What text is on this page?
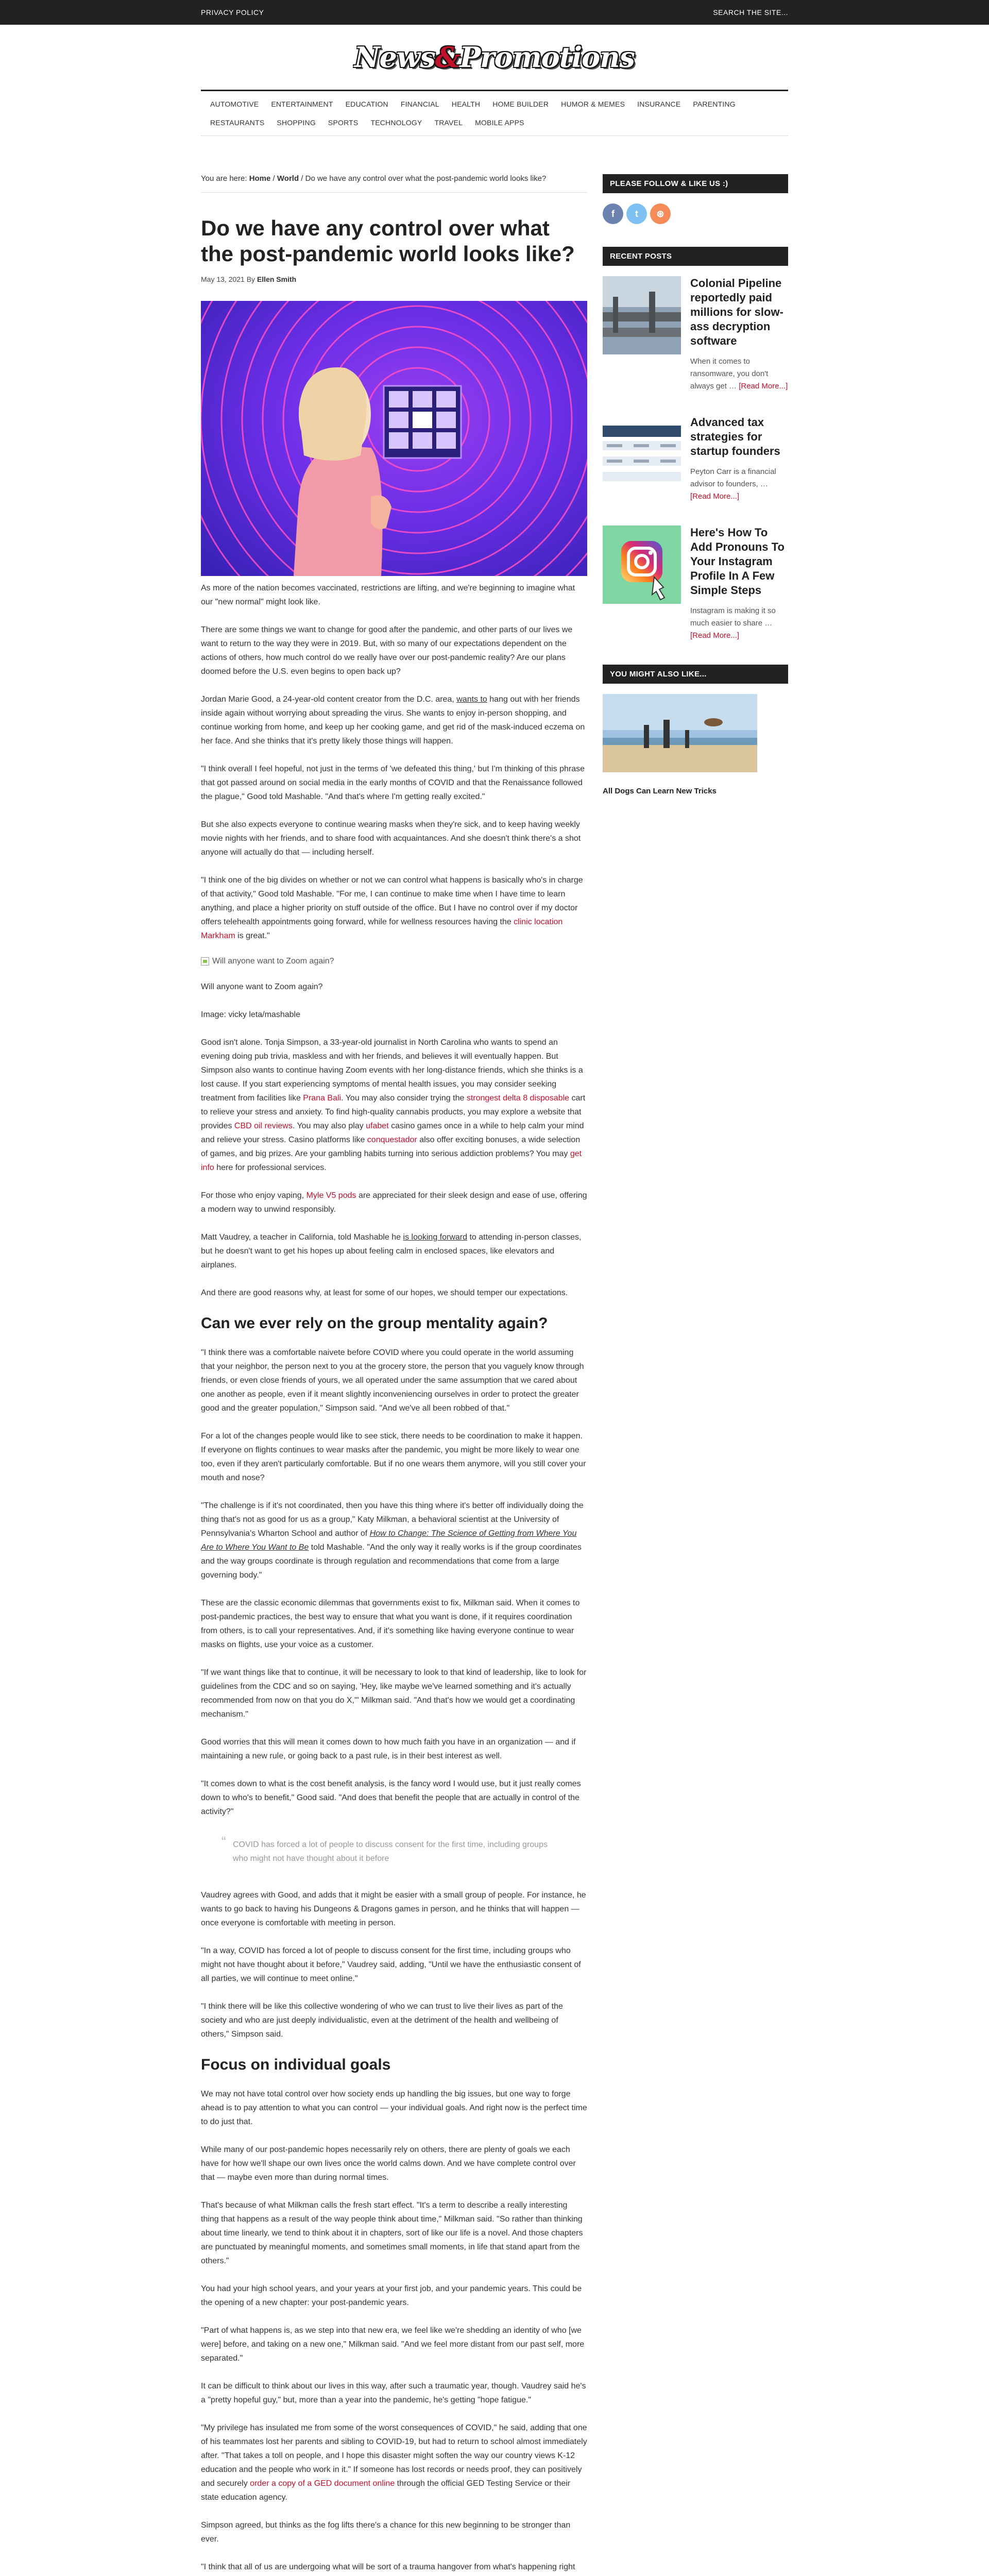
PRIVACY POLICY	SEARCH THE SITE...
News&Promotions
AUTOMOTIVE	ENTERTAINMENT	EDUCATION	FINANCIAL	HEALTH	HOME BUILDER	HUMOR & MEMES	INSURANCE	PARENTING
RESTAURANTS	SHOPPING	SPORTS	TECHNOLOGY	TRAVEL	MOBILE APPS
You are here: Home / World / Do we have any control over what the post-pandemic world looks like?
Do we have any control over what the post-pandemic world looks like?
May 13, 2021 By Ellen Smith

As more of the nation becomes vaccinated, restrictions are lifting, and we're beginning to imagine what our "new normal" might look like.

There are some things we want to change for good after the pandemic, and other parts of our lives we want to return to the way they were in 2019. But, with so many of our expectations dependent on the actions of others, how much control do we really have over our post-pandemic reality? Are our plans doomed before the U.S. even begins to open back up?

Jordan Marie Good, a 24-year-old content creator from the D.C. area, wants to hang out with her friends inside again without worrying about spreading the virus. She wants to enjoy in-person shopping, and continue working from home, and keep up her cooking game, and get rid of the mask-induced eczema on her face. And she thinks that it's pretty likely those things will happen.

"I think overall I feel hopeful, not just in the terms of 'we defeated this thing,' but I'm thinking of this phrase that got passed around on social media in the early months of COVID and that the Renaissance followed the plague," Good told Mashable. "And that's where I'm getting really excited."

But she also expects everyone to continue wearing masks when they're sick, and to keep having weekly movie nights with her friends, and to share food with acquaintances. And she doesn't think there's a shot anyone will actually do that — including herself.

"I think one of the big divides on whether or not we can control what happens is basically who's in charge of that activity," Good told Mashable. "For me, I can continue to make time when I have time to learn anything, and place a higher priority on stuff outside of the office. But I have no control over if my doctor offers telehealth appointments going forward, while for wellness resources having the clinic location Markham is great."

Will anyone want to Zoom again?

Will anyone want to Zoom again?

Image: vicky leta/mashable

Good isn't alone. Tonja Simpson, a 33-year-old journalist in North Carolina who wants to spend an evening doing pub trivia, maskless and with her friends, and believes it will eventually happen. But Simpson also wants to continue having Zoom events with her long-distance friends, which she thinks is a lost cause. If you start experiencing symptoms of mental health issues, you may consider seeking treatment from facilities like Prana Bali. You may also consider trying the strongest delta 8 disposable cart to relieve your stress and anxiety. To find high-quality cannabis products, you may explore a website that provides CBD oil reviews. You may also play ufabet casino games once in a while to help calm your mind and relieve your stress. Casino platforms like conquestador also offer exciting bonuses, a wide selection of games, and big prizes. Are your gambling habits turning into serious addiction problems? You may get info here for professional services.

For those who enjoy vaping, Myle V5 pods are appreciated for their sleek design and ease of use, offering a modern way to unwind responsibly.

Matt Vaudrey, a teacher in California, told Mashable he is looking forward to attending in-person classes, but he doesn't want to get his hopes up about feeling calm in enclosed spaces, like elevators and airplanes.

And there are good reasons why, at least for some of our hopes, we should temper our expectations.

Can we ever rely on the group mentality again?

"I think there was a comfortable naivete before COVID where you could operate in the world assuming that your neighbor, the person next to you at the grocery store, the person that you vaguely know through friends, or even close friends of yours, we all operated under the same assumption that we cared about one another as people, even if it meant slightly inconveniencing ourselves in order to protect the greater good and the greater population," Simpson said. "And we've all been robbed of that."

For a lot of the changes people would like to see stick, there needs to be coordination to make it happen. If everyone on flights continues to wear masks after the pandemic, you might be more likely to wear one too, even if they aren't particularly comfortable. But if no one wears them anymore, will you still cover your mouth and nose?

"The challenge is if it's not coordinated, then you have this thing where it's better off individually doing the thing that's not as good for us as a group," Katy Milkman, a behavioral scientist at the University of Pennsylvania's Wharton School and author of How to Change: The Science of Getting from Where You Are to Where You Want to Be told Mashable. "And the only way it really works is if the group coordinates and the way groups coordinate is through regulation and recommendations that come from a large governing body."

These are the classic economic dilemmas that governments exist to fix, Milkman said. When it comes to post-pandemic practices, the best way to ensure that what you want is done, if it requires coordination from others, is to call your representatives. And, if it's something like having everyone continue to wear masks on flights, use your voice as a customer.

"If we want things like that to continue, it will be necessary to look to that kind of leadership, like to look for guidelines from the CDC and so on saying, 'Hey, like maybe we've learned something and it's actually recommended from now on that you do X,'" Milkman said. "And that's how we would get a coordinating mechanism."

Good worries that this will mean it comes down to how much faith you have in an organization — and if maintaining a new rule, or going back to a past rule, is in their best interest as well.

"It comes down to what is the cost benefit analysis, is the fancy word I would use, but it just really comes down to who's to benefit," Good said. "And does that benefit the people that are actually in control of the activity?"

“ COVID has forced a lot of people to discuss consent for the first time, including groups who might not have thought about it before

Vaudrey agrees with Good, and adds that it might be easier with a small group of people. For instance, he wants to go back to having his Dungeons & Dragons games in person, and he thinks that will happen — once everyone is comfortable with meeting in person.

"In a way, COVID has forced a lot of people to discuss consent for the first time, including groups who might not have thought about it before," Vaudrey said, adding, "Until we have the enthusiastic consent of all parties, we will continue to meet online."

"I think there will be like this collective wondering of who we can trust to live their lives as part of the society and who are just deeply individualistic, even at the detriment of the health and wellbeing of others," Simpson said.

Focus on individual goals

We may not have total control over how society ends up handling the big issues, but one way to forge ahead is to pay attention to what you can control — your individual goals. And right now is the perfect time to do just that.

While many of our post-pandemic hopes necessarily rely on others, there are plenty of goals we each have for how we'll shape our own lives once the world calms down. And we have complete control over that — maybe even more than during normal times.

That's because of what Milkman calls the fresh start effect. "It's a term to describe a really interesting thing that happens as a result of the way people think about time," Milkman said. "So rather than thinking about time linearly, we tend to think about it in chapters, sort of like our life is a novel. And those chapters are punctuated by meaningful moments, and sometimes small moments, in life that stand apart from the others."

You had your high school years, and your years at your first job, and your pandemic years. This could be the opening of a new chapter: your post-pandemic years.

"Part of what happens is, as we step into that new era, we feel like we're shedding an identity of who [we were] before, and taking on a new one," Milkman said. "And we feel more distant from our past self, more separated."

It can be difficult to think about our lives in this way, after such a traumatic year, though. Vaudrey said he's a "pretty hopeful guy," but, more than a year into the pandemic, he's getting "hope fatigue."

"My privilege has insulated me from some of the worst consequences of COVID," he said, adding that one of his teammates lost her parents and sibling to COVID-19, but had to return to school almost immediately after. "That takes a toll on people, and I hope this disaster might soften the way our country views K-12 education and the people who work in it." If someone has lost records or needs proof, they can positively and securely order a copy of a GED document online through the official GED Testing Service or their state education agency.

Simpson agreed, but thinks as the fog lifts there's a chance for this new beginning to be stronger than ever.

"I think that all of us are undergoing what will be sort of a trauma hangover from what's happening right

PLEASE FOLLOW & LIKE US :)
f	t	⊛
RECENT POSTS
Colonial Pipeline reportedly paid millions for slow-ass decryption software

When it comes to ransomware, you don't always get … [Read More...]

Advanced tax strategies for startup founders

Peyton Carr is a financial advisor to founders, … [Read More...]

Here's How To Add Pronouns To Your Instagram Profile In A Few Simple Steps

Instagram is making it so much easier to share … [Read More...]

YOU MIGHT ALSO LIKE...
All Dogs Can Learn New Tricks
